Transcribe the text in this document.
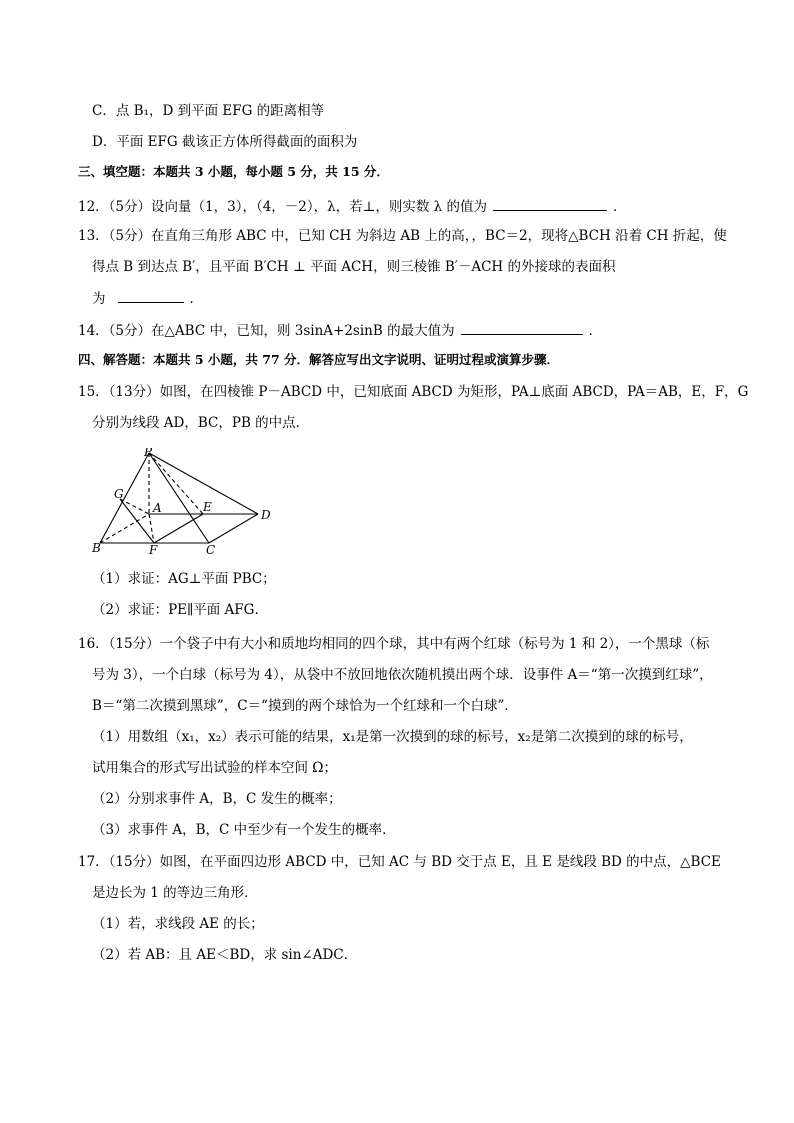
C．点 B₁，D 到平面 EFG 的距离相等
D．平面 EFG 截该正方体所得截面的面积为
三、填空题：本题共 3 小题，每小题 5 分，共 15 分．
12．（5分）设向量（1，3），（4，－2），λ，若⊥，则实数 λ 的值为	．
13．（5分）在直角三角形 ABC 中，已知 CH 为斜边 AB 上的高，，BC＝2，现将△BCH 沿着 CH 折起，使
得点 B 到达点 B′，且平面 B′CH ⊥ 平面 ACH，则三棱锥 B′－ACH 的外接球的表面积
为	．
14．（5分）在△ABC 中，已知，则 3sinA+2sinB 的最大值为	．
四、解答题：本题共 5 小题，共 77 分．解答应写出文字说明、证明过程或演算步骤．
15．（13分）如图，在四棱锥 P－ABCD 中，已知底面 ABCD 为矩形，PA⊥底面 ABCD，PA＝AB，E，F，G
分别为线段 AD，BC，PB 的中点．
P
G
A	E
D
B	F	C
（1）求证：AG⊥平面 PBC；
（2）求证：PE∥平面 AFG．
16．（15分）一个袋子中有大小和质地均相同的四个球，其中有两个红球（标号为 1 和 2），一个黑球（标
号为 3），一个白球（标号为 4），从袋中不放回地依次随机摸出两个球．设事件 A＝“第一次摸到红球”，
B＝“第二次摸到黑球”，C＝“摸到的两个球恰为一个红球和一个白球”．
（1）用数组（x₁，x₂）表示可能的结果，x₁是第一次摸到的球的标号，x₂是第二次摸到的球的标号，
试用集合的形式写出试验的样本空间 Ω；
（2）分别求事件 A，B，C 发生的概率；
（3）求事件 A，B，C 中至少有一个发生的概率．
17．（15分）如图，在平面四边形 ABCD 中，已知 AC 与 BD 交于点 E，且 E 是线段 BD 的中点，△BCE
是边长为 1 的等边三角形．
（1）若，求线段 AE 的长；
（2）若 AB：且 AE＜BD，求 sin∠ADC．
